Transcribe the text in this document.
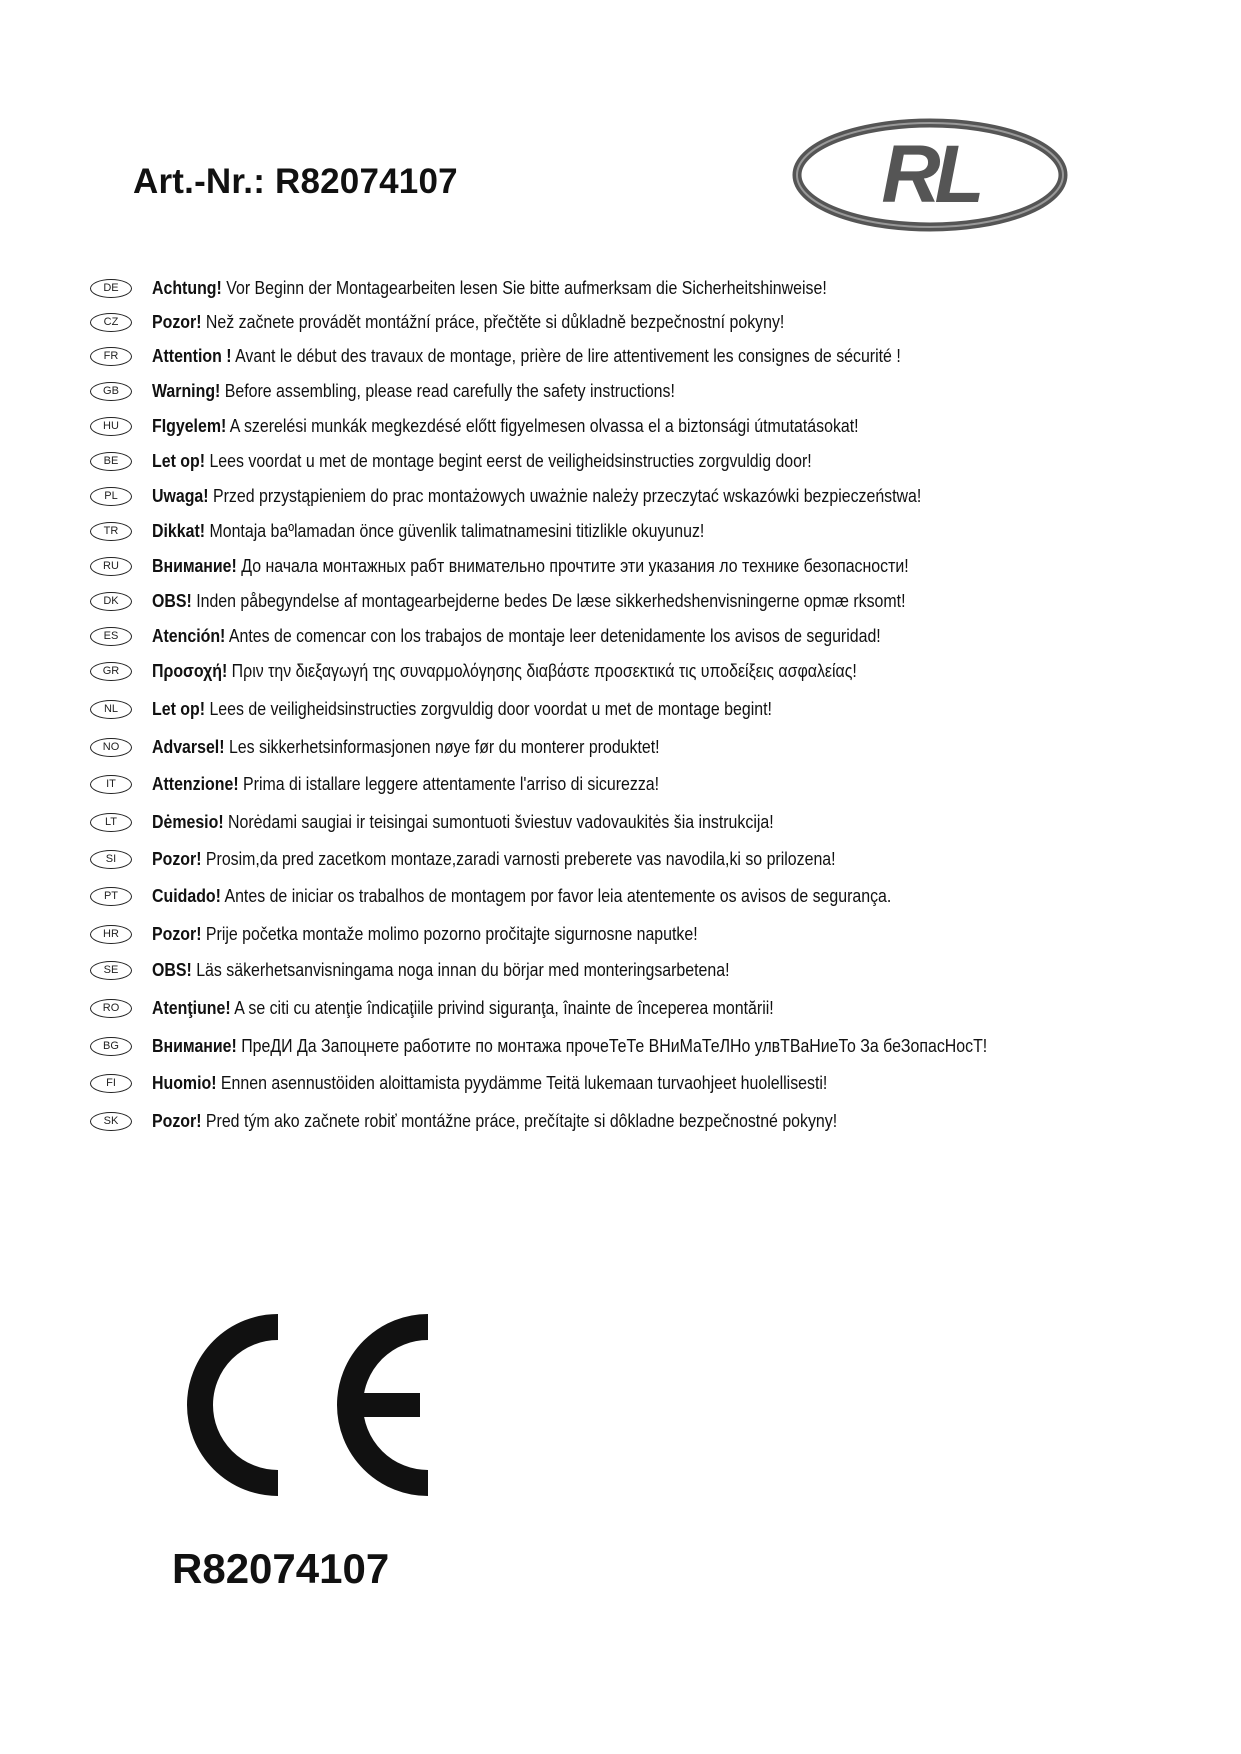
Art.-Nr.: R82074107	RL
DE	Achtung! Vor Beginn der Montagearbeiten lesen Sie bitte aufmerksam die Sicherheitshinweise!
CZ	Pozor! Než začnete provádět montážní práce, přečtěte si důkladně bezpečnostní pokyny!
FR	Attention ! Avant le début des travaux de montage, prière de lire attentivement les consignes de sécurité !
GB	Warning! Before assembling, please read carefully the safety instructions!
HU	FIgyelem! A szerelési munkák megkezdésé előtt figyelmesen olvassa el a biztonsági útmutatásokat!
BE	Let op! Lees voordat u met de montage begint eerst de veiligheidsinstructies zorgvuldig door!
PL	Uwaga! Przed przystąpieniem do prac montażowych uważnie należy przeczytać wskazówki bezpieczeństwa!
TR	Dikkat! Montaja baºlamadan önce güvenlik talimatnamesini titizlikle okuyunuz!
RU	Внимание! До начала монтажных рабт внимательно прочтите эти указания ло технике безопасности!
DK	OBS! Inden påbegyndelse af montagearbejderne bedes De læse sikkerhedshenvisningerne opmæ rksomt!
ES	Atención! Antes de comencar con los trabajos de montaje leer detenidamente los avisos de seguridad!
GR	Προσοχή! Πριν την διεξαγωγή της συναρμολόγησης διαβάστε προσεκτικά τις υποδείξεις ασφαλείας!
NL	Let op! Lees de veiligheidsinstructies zorgvuldig door voordat u met de montage begint!
NO	Advarsel! Les sikkerhetsinformasjonen nøye før du monterer produktet!
IT	Attenzione! Prima di istallare leggere attentamente l'arriso di sicurezza!
LT	Dėmesio! Norėdami saugiai ir teisingai sumontuoti šviestuv vadovaukitės šia instrukcija!
SI	Pozor! Prosim,da pred zacetkom montaze,zaradi varnosti preberete vas navodila,ki so prilozena!
PT	Cuidado! Antes de iniciar os trabalhos de montagem por favor leia atentemente os avisos de segurança.
HR	Pozor! Prije početka montaže molimo pozorno pročitajte sigurnosne naputke!
SE	OBS! Läs säkerhetsanvisningama noga innan du börjar med monteringsarbetena!
RO	Atenţiune! A se citi cu atenţie îndicaţiile privind siguranţa, înainte de începerea montării!
BG	Внимание! ПреДИ Да Запоцнете работите по монтажа прочеТеТе ВНиМаТеЛНо улвТВаНиеТо За беЗопасНосТ!
FI	Huomio! Ennen asennustöiden aloittamista pyydämme Teitä lukemaan turvaohjeet huolellisesti!
SK	Pozor! Pred tým ako začnete robiť montážne práce, prečítajte si dôkladne bezpečnostné pokyny!
R82074107
